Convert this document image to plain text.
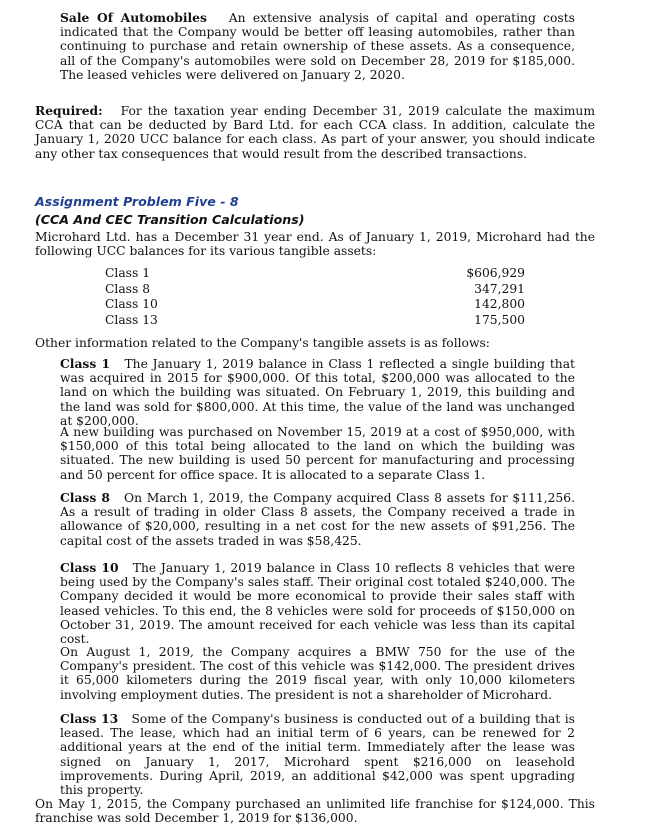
Sale Of Automobiles An extensive analysis of capital and operating costs indicated that the Company would be better off leasing automobiles, rather than continuing to purchase and retain ownership of these assets. As a consequence, all of the Company's automobiles were sold on December 28, 2019 for $185,000. The leased vehicles were delivered on January 2, 2020.

Required: For the taxation year ending December 31, 2019 calculate the maximum CCA that can be deducted by Bard Ltd. for each CCA class. In addition, calculate the January 1, 2020 UCC balance for each class. As part of your answer, you should indicate any other tax consequences that would result from the described transactions.

Assignment Problem Five - 8
(CCA And CEC Transition Calculations)

Microhard Ltd. has a December 31 year end. As of January 1, 2019, Microhard had the following UCC balances for its various tangible assets:

Class 1	$606,929
Class 8	347,291
Class 10	142,800
Class 13	175,500

Other information related to the Company's tangible assets is as follows:

Class 1 The January 1, 2019 balance in Class 1 reflected a single building that was acquired in 2015 for $900,000. Of this total, $200,000 was allocated to the land on which the building was situated. On February 1, 2019, this building and the land was sold for $800,000. At this time, the value of the land was unchanged at $200,000.

A new building was purchased on November 15, 2019 at a cost of $950,000, with $150,000 of this total being allocated to the land on which the building was situated. The new building is used 50 percent for manufacturing and processing and 50 percent for office space. It is allocated to a separate Class 1.

Class 8 On March 1, 2019, the Company acquired Class 8 assets for $111,256. As a result of trading in older Class 8 assets, the Company received a trade in allowance of $20,000, resulting in a net cost for the new assets of $91,256. The capital cost of the assets traded in was $58,425.

Class 10 The January 1, 2019 balance in Class 10 reflects 8 vehicles that were being used by the Company's sales staff. Their original cost totaled $240,000. The Company decided it would be more economical to provide their sales staff with leased vehicles. To this end, the 8 vehicles were sold for proceeds of $150,000 on October 31, 2019. The amount received for each vehicle was less than its capital cost.

On August 1, 2019, the Company acquires a BMW 750 for the use of the Company's president. The cost of this vehicle was $142,000. The president drives it 65,000 kilometers during the 2019 fiscal year, with only 10,000 kilometers involving employment duties. The president is not a shareholder of Microhard.

Class 13 Some of the Company's business is conducted out of a building that is leased. The lease, which had an initial term of 6 years, can be renewed for 2 additional years at the end of the initial term. Immediately after the lease was signed on January 1, 2017, Microhard spent $216,000 on leasehold improvements. During April, 2019, an additional $42,000 was spent upgrading this property.

On May 1, 2015, the Company purchased an unlimited life franchise for $124,000. This franchise was sold December 1, 2019 for $136,000.
